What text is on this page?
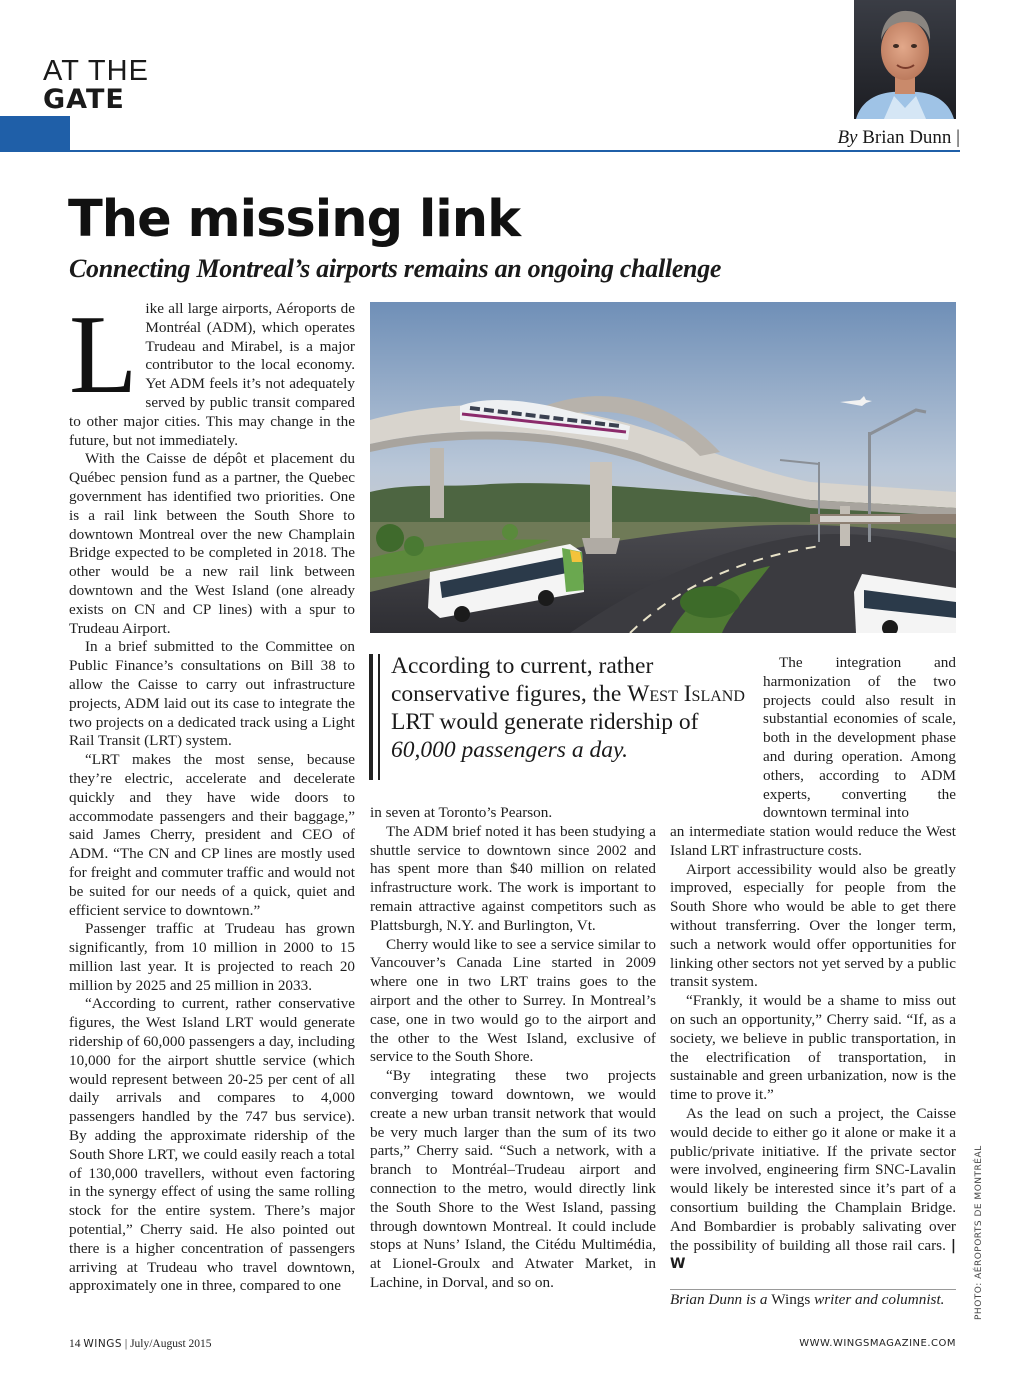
AT THE
GATE
By Brian Dunn |
The missing link
Connecting Montreal’s airports remains an ongoing challenge
L ike all large airports, Aéroports de Montréal (ADM), which operates Trudeau and Mirabel, is a major contributor to the local economy. Yet ADM feels it’s not adequately served by public transit compared to other major cities. This may change in the future, but not immediately.

With the Caisse de dépôt et placement du Québec pension fund as a partner, the Quebec government has identified two priorities. One is a rail link between the South Shore to downtown Montreal over the new Champlain Bridge expected to be completed in 2018. The other would be a new rail link between downtown and the West Island (one already exists on CN and CP lines) with a spur to Trudeau Airport.

In a brief submitted to the Committee on Public Finance’s consultations on Bill 38 to allow the Caisse to carry out infrastructure projects, ADM laid out its case to integrate the two projects on a dedicated track using a Light Rail Transit (LRT) system.

“LRT makes the most sense, because they’re electric, accelerate and decelerate quickly and they have wide doors to accommodate passengers and their baggage,” said James Cherry, president and CEO of ADM. “The CN and CP lines are mostly used for freight and commuter traffic and would not be suited for our needs of a quick, quiet and efficient service to downtown.”

Passenger traffic at Trudeau has grown significantly, from 10 million in 2000 to 15 million last year. It is projected to reach 20 million by 2025 and 25 million in 2033.

“According to current, rather conservative figures, the West Island LRT would generate ridership of 60,000 passengers a day, including 10,000 for the airport shuttle service (which would represent between 20-25 per cent of all daily arrivals and compares to 4,000 passengers handled by the 747 bus service). By adding the approximate ridership of the South Shore LRT, we could easily reach a total of 130,000 travellers, without even factoring in the synergy effect of using the same rolling stock for the entire system. There’s major potential,” Cherry said. He also pointed out there is a higher concentration of passengers arriving at Trudeau who travel downtown, approximately one in three, compared to one	PHOTO: AÉROPORTS DE MONTRÉAL
According to current, rather conservative figures, the West Island LRT would generate ridership of 60,000 passengers a day.

in seven at Toronto’s Pearson.

The ADM brief noted it has been studying a shuttle service to downtown since 2002 and has spent more than $40 million on related infrastructure work. The work is important to remain attractive against competitors such as Plattsburgh, N.Y. and Burlington, Vt.

Cherry would like to see a service similar to Vancouver’s Canada Line started in 2009 where one in two LRT trains goes to the airport and the other to Surrey. In Montreal’s case, one in two would go to the airport and the other to the West Island, exclusive of service to the South Shore.

“By integrating these two projects converging toward downtown, we would create a new urban transit network that would be very much larger than the sum of its two parts,” Cherry said. “Such a network, with a branch to Montréal–Trudeau airport and connection to the metro, would directly link the South Shore to the West Island, passing through downtown Montreal. It could include stops at Nuns’ Island, the Citédu Multimédia, at Lionel-Groulx and Atwater Market, in Lachine, in Dorval, and so on.

The integration and harmonization of the two projects could also result in substantial economies of scale, both in the development phase and during operation. Among others, according to ADM experts, converting the downtown terminal into

an intermediate station would reduce the West Island LRT infrastructure costs.

Airport accessibility would also be greatly improved, especially for people from the South Shore who would be able to get there without transferring. Over the longer term, such a network would offer opportunities for linking other sectors not yet served by a public transit system.

“Frankly, it would be a shame to miss out on such an opportunity,” Cherry said. “If, as a society, we believe in public transportation, in the electrification of transportation, in sustainable and green urbanization, now is the time to prove it.”

As the lead on such a project, the Caisse would decide to either go it alone or make it a public/private initiative. If the private sector were involved, engineering firm SNC-Lavalin would likely be interested since it’s part of a consortium building the Champlain Bridge. And Bombardier is probably salivating over the possibility of building all those rail cars. | W

Brian Dunn is a Wings writer and columnist.
14 WINGS | July/August 2015	WWW.WINGSMAGAZINE.COM
